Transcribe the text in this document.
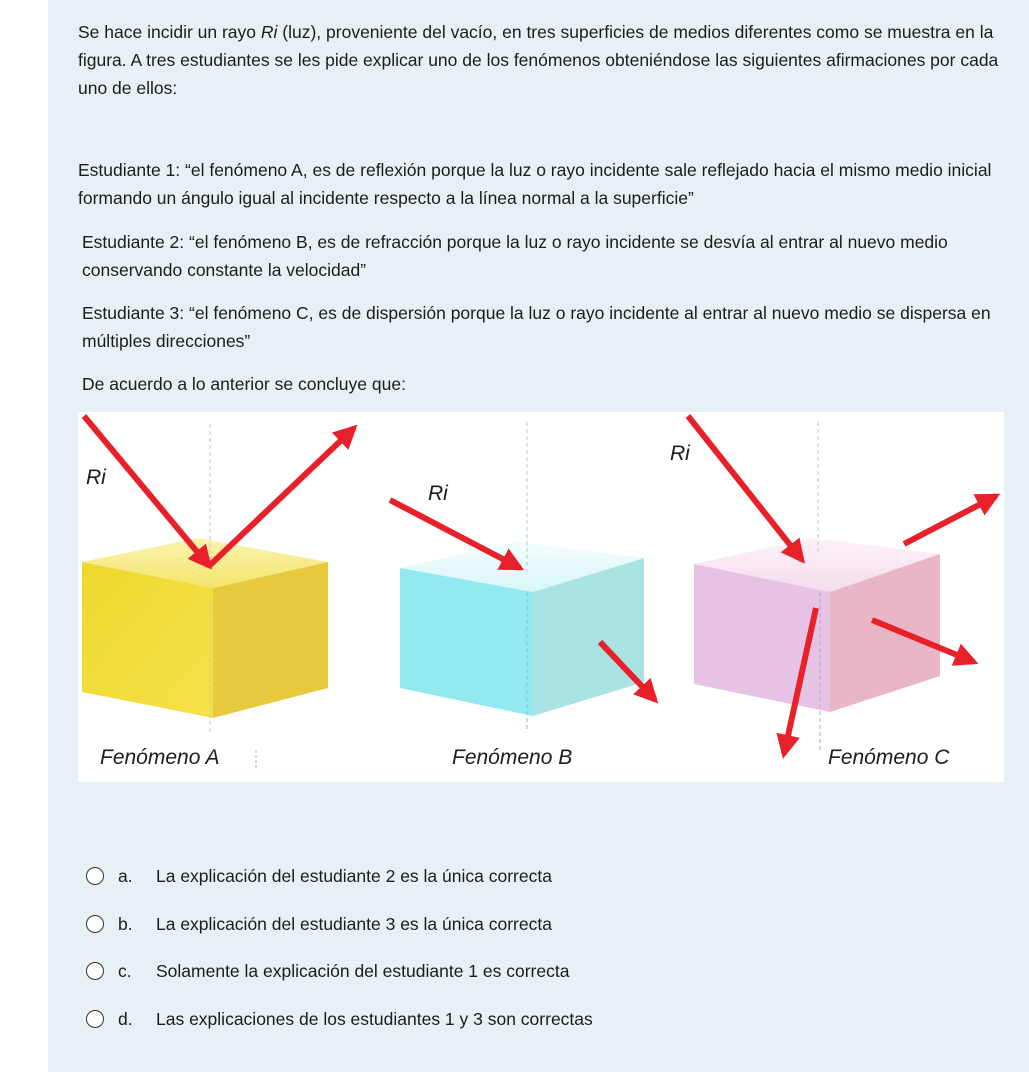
Se hace incidir un rayo Ri (luz), proveniente del vacío, en tres superficies de medios diferentes como se muestra en la figura. A tres estudiantes se les pide explicar uno de los fenómenos obteniéndose las siguientes afirmaciones por cada uno de ellos:

Estudiante 1: “el fenómeno A, es de reflexión porque la luz o rayo incidente sale reflejado hacia el mismo medio inicial formando un ángulo igual al incidente respecto a la línea normal a la superficie”

Estudiante 2: “el fenómeno B, es de refracción porque la luz o rayo incidente se desvía al entrar al nuevo medio conservando constante la velocidad”

Estudiante 3: “el fenómeno C, es de dispersión porque la luz o rayo incidente al entrar al nuevo medio se dispersa en múltiples direcciones”

De acuerdo a lo anterior se concluye que:

Ri
Fenómeno A
Ri
Fenómeno B
Ri
Fenómeno C
a.	La explicación del estudiante 2 es la única correcta
b.	La explicación del estudiante 3 es la única correcta
c.	Solamente la explicación del estudiante 1 es correcta
d.	Las explicaciones de los estudiantes 1 y 3 son correctas
